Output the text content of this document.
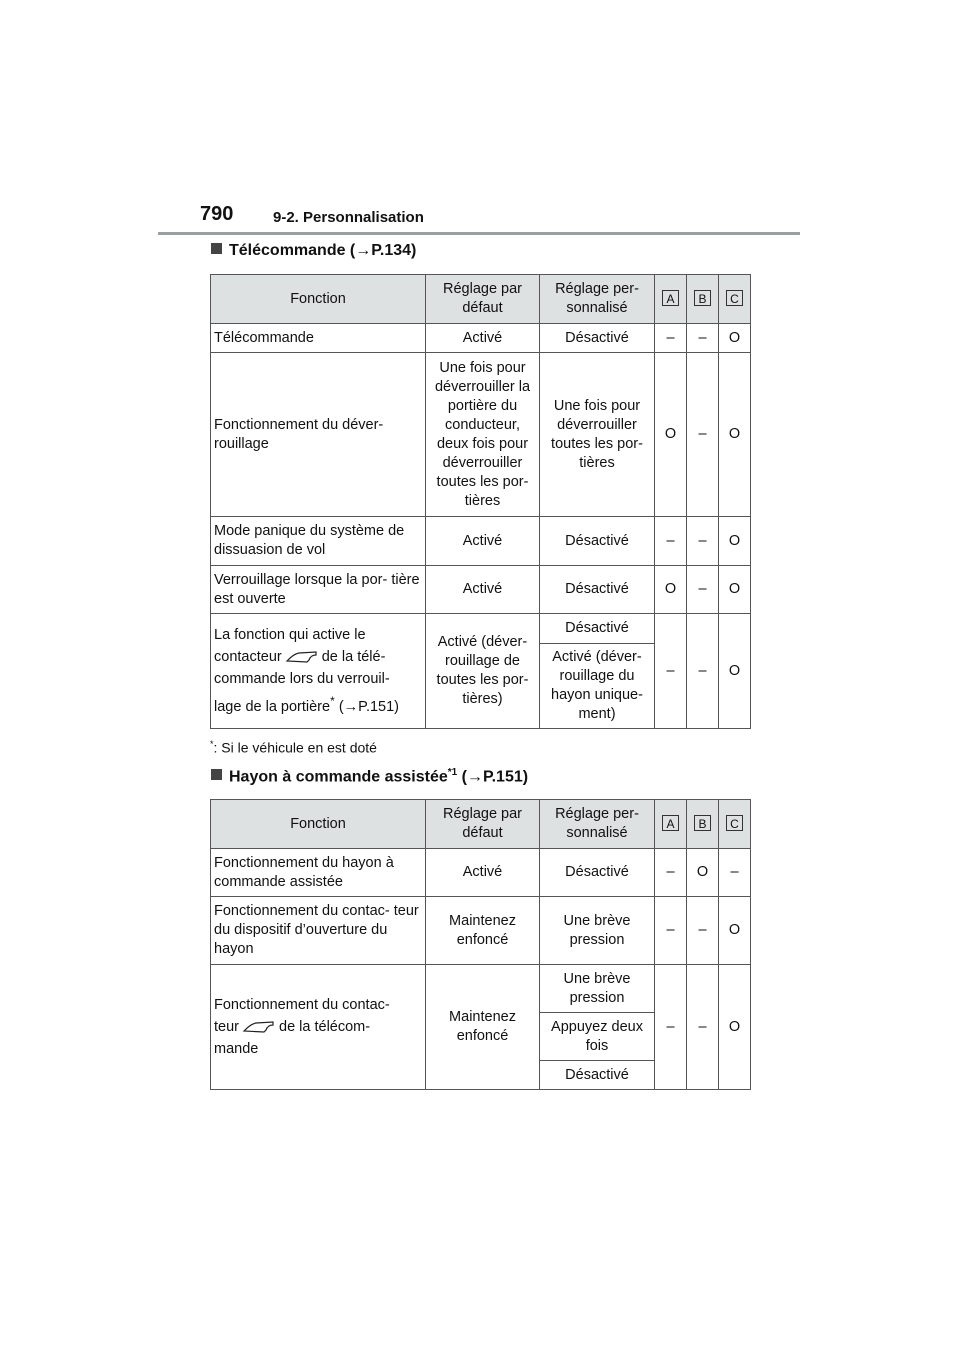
790	9-2. Personnalisation
Télécommande (→P.134)
Fonction	Réglage par défaut	Réglage per- sonnalisé	A	B	C
Télécommande	Activé	Désactivé	–	–	O
Fonctionnement du déver- rouillage	Une fois pour déverrouiller la portière du conducteur, deux fois pour déverrouiller toutes les por- tières	Une fois pour déverrouiller toutes les por- tières	O	–	O
Mode panique du système de dissuasion de vol	Activé	Désactivé	–	–	O
Verrouillage lorsque la por- tière est ouverte	Activé	Désactivé	O	–	O
La fonction qui active le
contacteur de la télé-
commande lors du verrouil-
lage de la portière* (→P.151)	Activé (déver- rouillage de toutes les por- tières)	Désactivé	–	–	O
		Activé (déver- rouillage du hayon unique- ment)			
*: Si le véhicule en est doté
Hayon à commande assistée$^{*1}$ (→P.151)
Fonction	Réglage par défaut	Réglage per- sonnalisé	A	B	C
Fonctionnement du hayon à commande assistée	Activé	Désactivé	–	O	–
Fonctionnement du contac- teur du dispositif d’ouverture du hayon	Maintenez enfoncé	Une brève pression	–	–	O
Fonctionnement du contac-
teur de la télécom-
mande	Maintenez enfoncé	Une brève pression	–	–	O
		Appuyez deux fois			
		Désactivé			
